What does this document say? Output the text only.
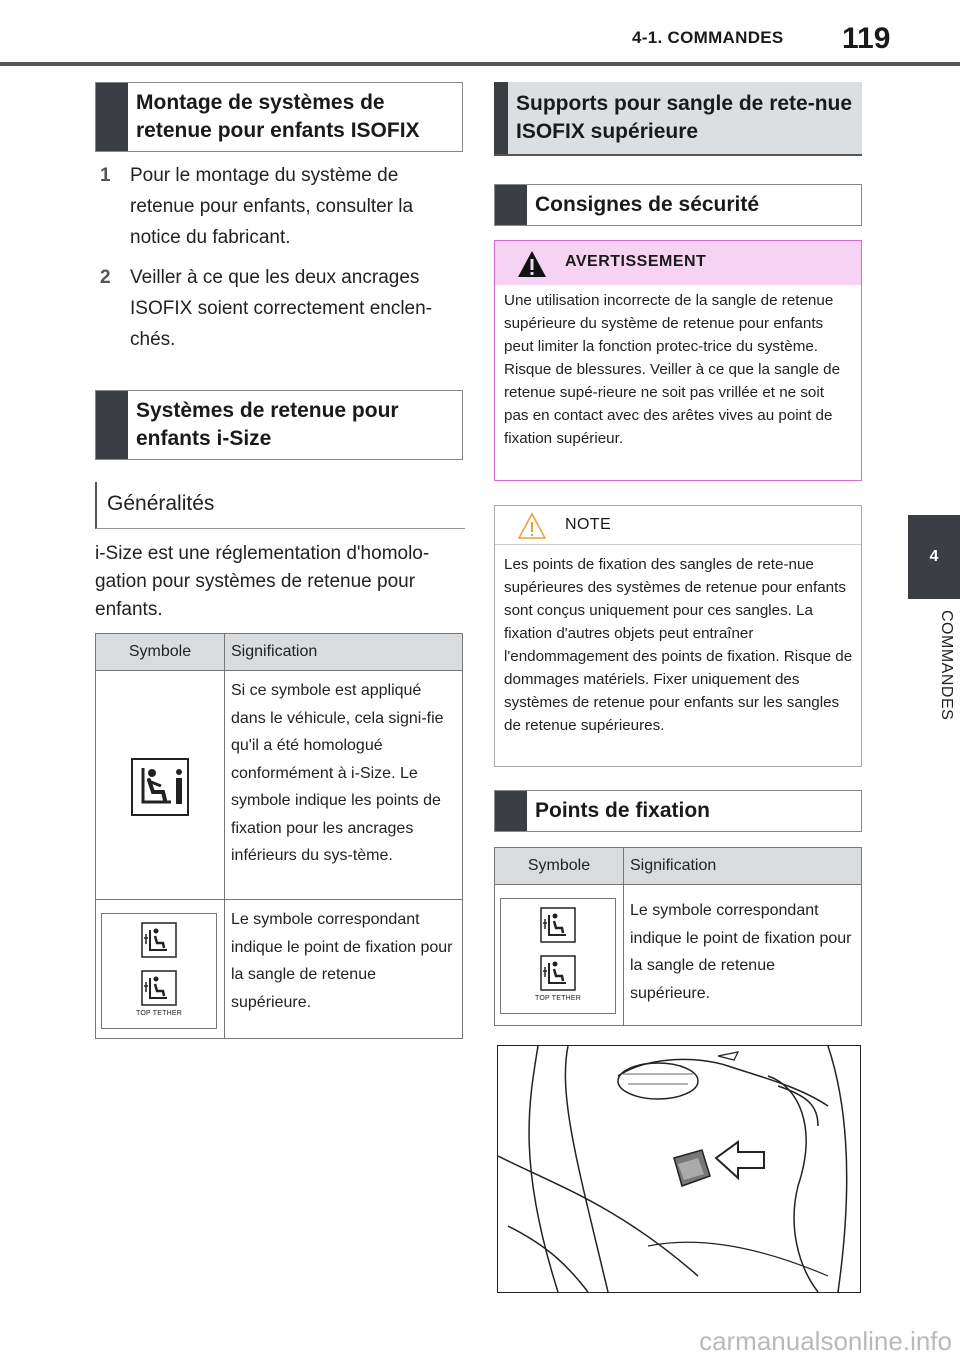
4-1. COMMANDES 119
4
COMMANDES
Montage de systèmes de retenue pour enfants ISOFIX
1 Pour le montage du système de retenue pour enfants, consulter la notice du fabricant.
2 Veiller à ce que les deux ancrages ISOFIX soient correctement enclen-chés.
Systèmes de retenue pour enfants i-Size
Généralités
i-Size est une réglementation d'homolo-gation pour systèmes de retenue pour enfants.
Symbole	Signification

	Si ce symbole est appliqué dans le véhicule, cela signi-fie qu'il a été homologué conformément à i-Size. Le symbole indique les points de fixation pour les ancrages inférieurs du sys-tème.

TOP TETHER	Le symbole correspondant indique le point de fixation pour la sangle de retenue supérieure.
Supports pour sangle de rete-nue ISOFIX supérieure
Consignes de sécurité
AVERTISSEMENT
Une utilisation incorrecte de la sangle de retenue supérieure du système de retenue pour enfants peut limiter la fonction protec-trice du système. Risque de blessures. Veiller à ce que la sangle de retenue supé-rieure ne soit pas vrillée et ne soit pas en contact avec des arêtes vives au point de fixation supérieur.
NOTE
Les points de fixation des sangles de rete-nue supérieures des systèmes de retenue pour enfants sont conçus uniquement pour ces sangles. La fixation d'autres objets peut entraîner l'endommagement des points de fixation. Risque de dommages matériels. Fixer uniquement des systèmes de retenue pour enfants sur les sangles de retenue supérieures.
Points de fixation
Symbole	Signification

TOP TETHER	Le symbole correspondant indique le point de fixation pour la sangle de retenue supérieure.
carmanualsonline.info
